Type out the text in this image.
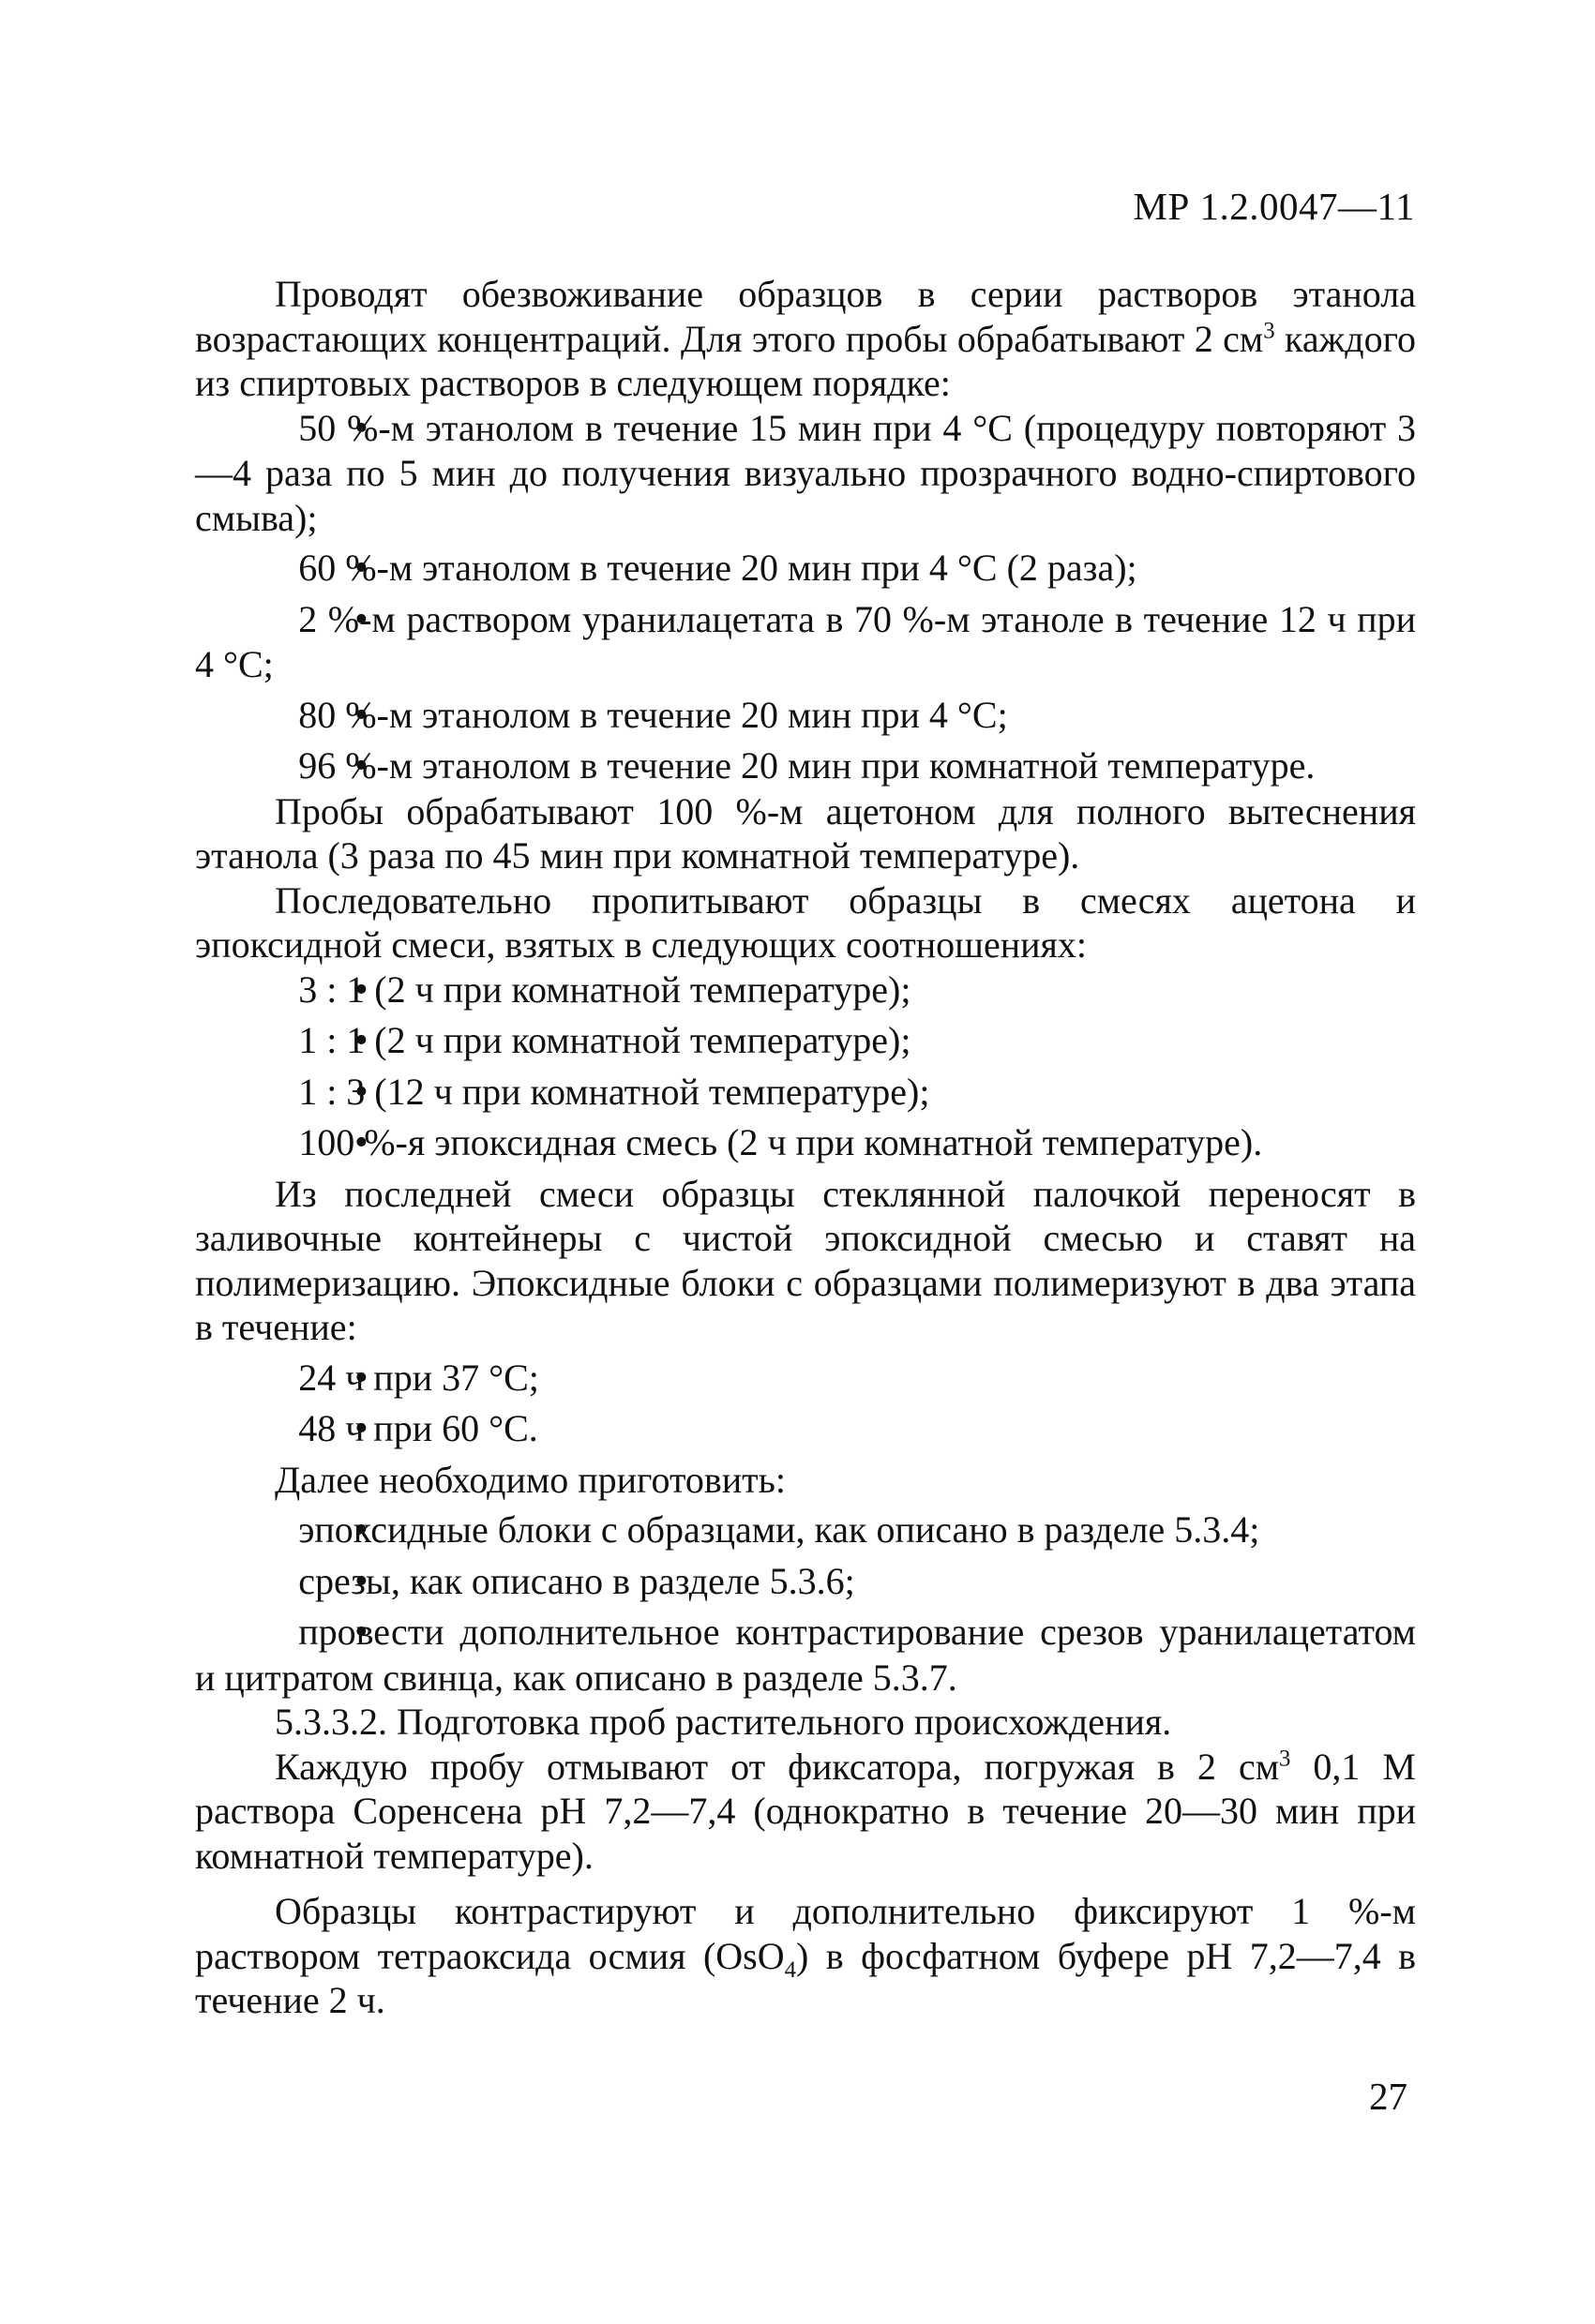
МР 1.2.0047—11

Проводят обезвоживание образцов в серии растворов этанола возрастающих концентраций. Для этого пробы обрабатывают 2 $см^3$ каждого из спиртовых растворов в следующем порядке:

• 50 %-м этанолом в течение 15 мин при 4 °С (процедуру повторяют 3—4 раза по 5 мин до получения визуально прозрачного водно-спиртового смыва);

• 60 %-м этанолом в течение 20 мин при 4 °С (2 раза);

• 2 %-м раствором уранилацетата в 70 %-м этаноле в течение 12 ч при 4 °С;

• 80 %-м этанолом в течение 20 мин при 4 °С;

• 96 %-м этанолом в течение 20 мин при комнатной температуре.

Пробы обрабатывают 100 %-м ацетоном для полного вытеснения этанола (3 раза по 45 мин при комнатной температуре).

Последовательно пропитывают образцы в смесях ацетона и эпоксидной смеси, взятых в следующих соотношениях:

• 3 : 1 (2 ч при комнатной температуре);

• 1 : 1 (2 ч при комнатной температуре);

• 1 : 3 (12 ч при комнатной температуре);

• 100 %-я эпоксидная смесь (2 ч при комнатной температуре).

Из последней смеси образцы стеклянной палочкой переносят в заливочные контейнеры с чистой эпоксидной смесью и ставят на полимеризацию. Эпоксидные блоки с образцами полимеризуют в два этапа в течение:

• 24 ч при 37 °С;

• 48 ч при 60 °С.

Далее необходимо приготовить:

• эпоксидные блоки с образцами, как описано в разделе 5.3.4;

• срезы, как описано в разделе 5.3.6;

• провести дополнительное контрастирование срезов уранилацетатом и цитратом свинца, как описано в разделе 5.3.7.

5.3.3.2. Подготовка проб растительного происхождения.

Каждую пробу отмывают от фиксатора, погружая в 2 $см^3$ 0,1 М раствора Соренсена рН 7,2—7,4 (однократно в течение 20—30 мин при комнатной температуре).

Образцы контрастируют и дополнительно фиксируют 1 %-м раствором тетраоксида осмия (OsO$_4$) в фосфатном буфере рН 7,2—7,4 в течение 2 ч.

27
